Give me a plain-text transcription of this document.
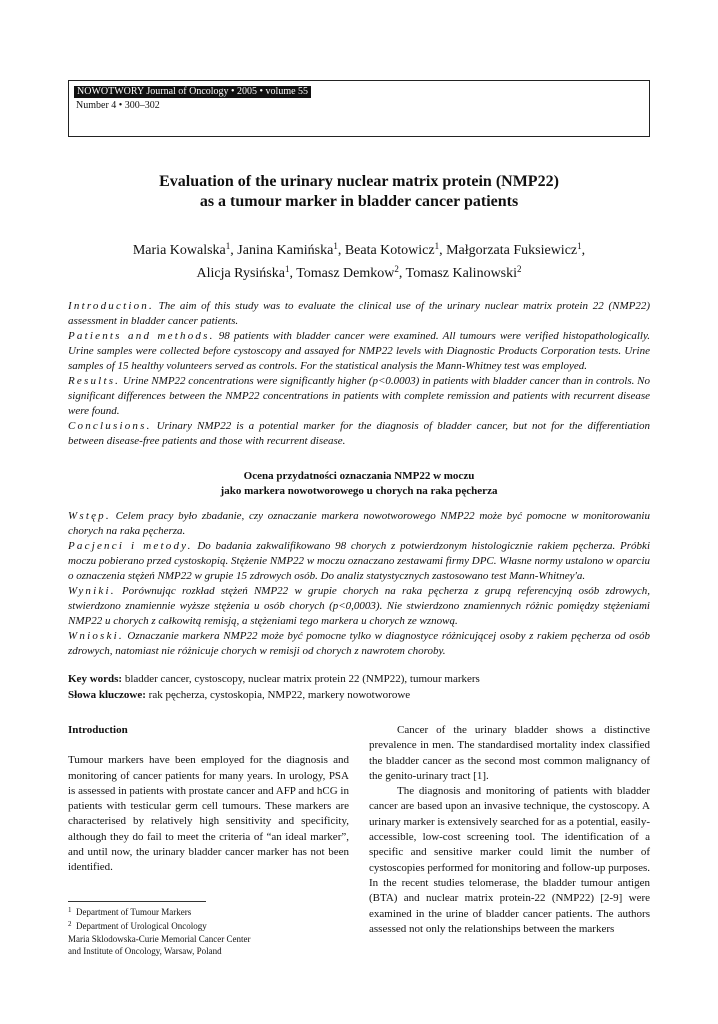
NOWOTWORY Journal of Oncology • 2005 • volume 55
Number 4 • 300–302
Evaluation of the urinary nuclear matrix protein (NMP22)
as a tumour marker in bladder cancer patients
Maria Kowalska$^1$, Janina Kamińska$^1$, Beata Kotowicz$^1$, Małgorzata Fuksiewicz$^1$,
Alicja Rysińska$^1$, Tomasz Demkow$^2$, Tomasz Kalinowski$^2$

Introduction. The aim of this study was to evaluate the clinical use of the urinary nuclear matrix protein 22 (NMP22) assessment in bladder cancer patients.

Patients and methods. 98 patients with bladder cancer were examined. All tumours were verified histopathologically. Urine samples were collected before cystoscopy and assayed for NMP22 levels with Diagnostic Products Corporation tests. Urine samples of 15 healthy volunteers served as controls. For the statistical analysis the Mann-Whitney test was employed.

Results. Urine NMP22 concentrations were significantly higher (p<0.0003) in patients with bladder cancer than in controls. No significant differences between the NMP22 concentrations in patients with complete remission and patients with recurrent disease were found.

Conclusions. Urinary NMP22 is a potential marker for the diagnosis of bladder cancer, but not for the differentiation between disease-free patients and those with recurrent disease.

Ocena przydatności oznaczania NMP22 w moczu
jako markera nowotworowego u chorych na raka pęcherza

Wstęp. Celem pracy było zbadanie, czy oznaczanie markera nowotworowego NMP22 może być pomocne w monitorowaniu chorych na raka pęcherza.

Pacjenci i metody. Do badania zakwalifikowano 98 chorych z potwierdzonym histologicznie rakiem pęcherza. Próbki moczu pobierano przed cystoskopią. Stężenie NMP22 w moczu oznaczano zestawami firmy DPC. Własne normy ustalono w oparciu o oznaczenia stężeń NMP22 w grupie 15 zdrowych osób. Do analiz statystycznych zastosowano test Mann-Whitney'a.

Wyniki. Porównując rozkład stężeń NMP22 w grupie chorych na raka pęcherza z grupą referencyjną osób zdrowych, stwierdzono znamiennie wyższe stężenia u osób chorych (p<0,0003). Nie stwierdzono znamiennych różnic pomiędzy stężeniami NMP22 u chorych z całkowitą remisją, a stężeniami tego markera u chorych ze wznową.

Wnioski. Oznaczanie markera NMP22 może być pomocne tylko w diagnostyce różnicującej osoby z rakiem pęcherza od osób zdrowych, natomiast nie różnicuje chorych w remisji od chorych z nawrotem choroby.

Key words: bladder cancer, cystoscopy, nuclear matrix protein 22 (NMP22), tumour markers
Słowa kluczowe: rak pęcherza, cystoskopia, NMP22, markery nowotworowe

Introduction

Tumour markers have been employed for the diagnosis and monitoring of cancer patients for many years. In urology, PSA is assessed in patients with prostate cancer and AFP and hCG in patients with testicular germ cell tumours. These markers are characterised by relatively high sensitivity and specificity, although they do fail to meet the criteria of “an ideal marker”, and until now, the urinary bladder cancer marker has not been identified.

Cancer of the urinary bladder shows a distinctive prevalence in men. The standardised mortality index classified the bladder cancer as the second most common malignancy of the genito-urinary tract [1].

The diagnosis and monitoring of patients with bladder cancer are based upon an invasive technique, the cystoscopy. A urinary marker is extensively searched for as a potential, easily-accessible, low-cost screening tool. The identification of a specific and sensitive marker could limit the number of cystoscopies performed for monitoring and follow-up purposes. In the recent studies telomerase, the bladder tumour antigen (BTA) and nuclear matrix protein-22 (NMP22) [2-9] were examined in the urine of bladder cancer patients. The authors assessed not only the relationships between the markers

$^1$ Department of Tumour Markers

$^2$ Department of Urological Oncology

Maria Sklodowska-Curie Memorial Cancer Center

and Institute of Oncology, Warsaw, Poland
